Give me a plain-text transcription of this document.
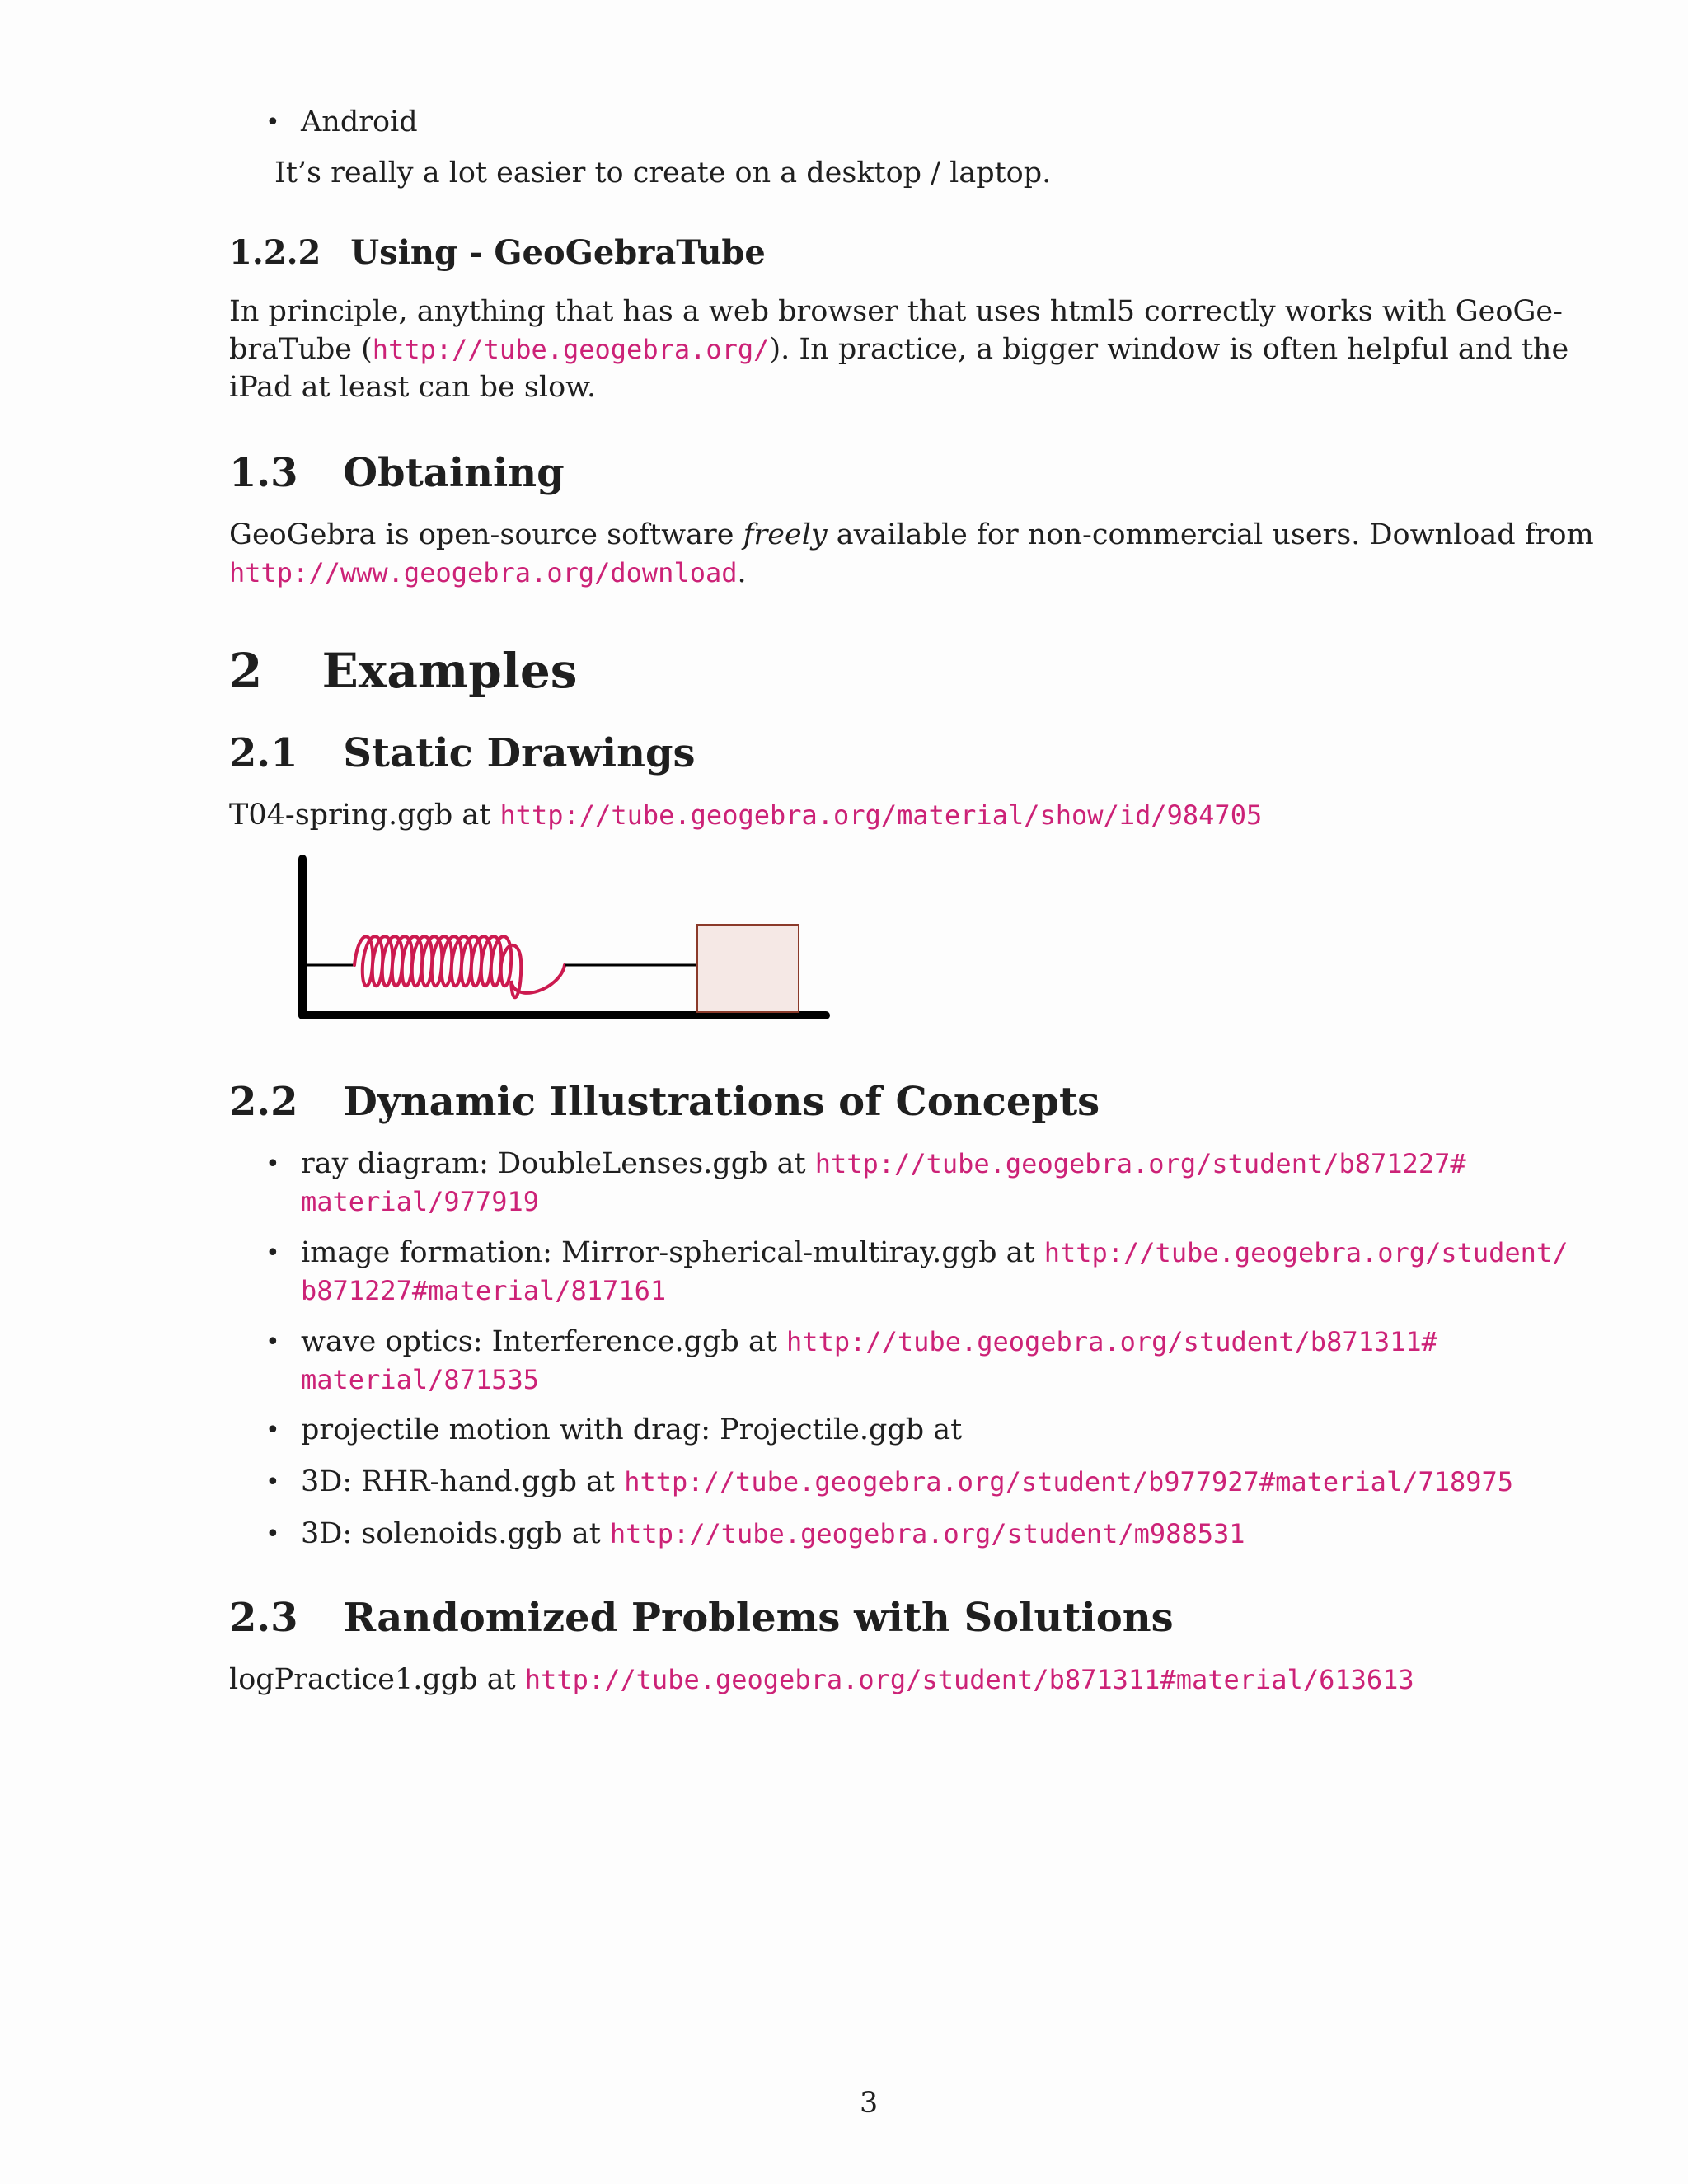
• Android
It’s really a lot easier to create on a desktop / laptop.
1.2.2 Using - GeoGebraTube
In principle, anything that has a web browser that uses html5 correctly works with GeoGe-
braTube (http://tube.geogebra.org/). In practice, a bigger window is often helpful and the
iPad at least can be slow.
1.3 Obtaining
GeoGebra is open-source software freely available for non-commercial users. Download from
http://www.geogebra.org/download.
2 Examples
2.1 Static Drawings
T04-spring.ggb at http://tube.geogebra.org/material/show/id/984705
2.2 Dynamic Illustrations of Concepts
• ray diagram: DoubleLenses.ggb at http://tube.geogebra.org/student/b871227#
material/977919
• image formation: Mirror-spherical-multiray.ggb at http://tube.geogebra.org/student/
b871227#material/817161
• wave optics: Interference.ggb at http://tube.geogebra.org/student/b871311#
material/871535
• projectile motion with drag: Projectile.ggb at
• 3D: RHR-hand.ggb at http://tube.geogebra.org/student/b977927#material/718975
• 3D: solenoids.ggb at http://tube.geogebra.org/student/m988531
2.3 Randomized Problems with Solutions
logPractice1.ggb at http://tube.geogebra.org/student/b871311#material/613613
3
